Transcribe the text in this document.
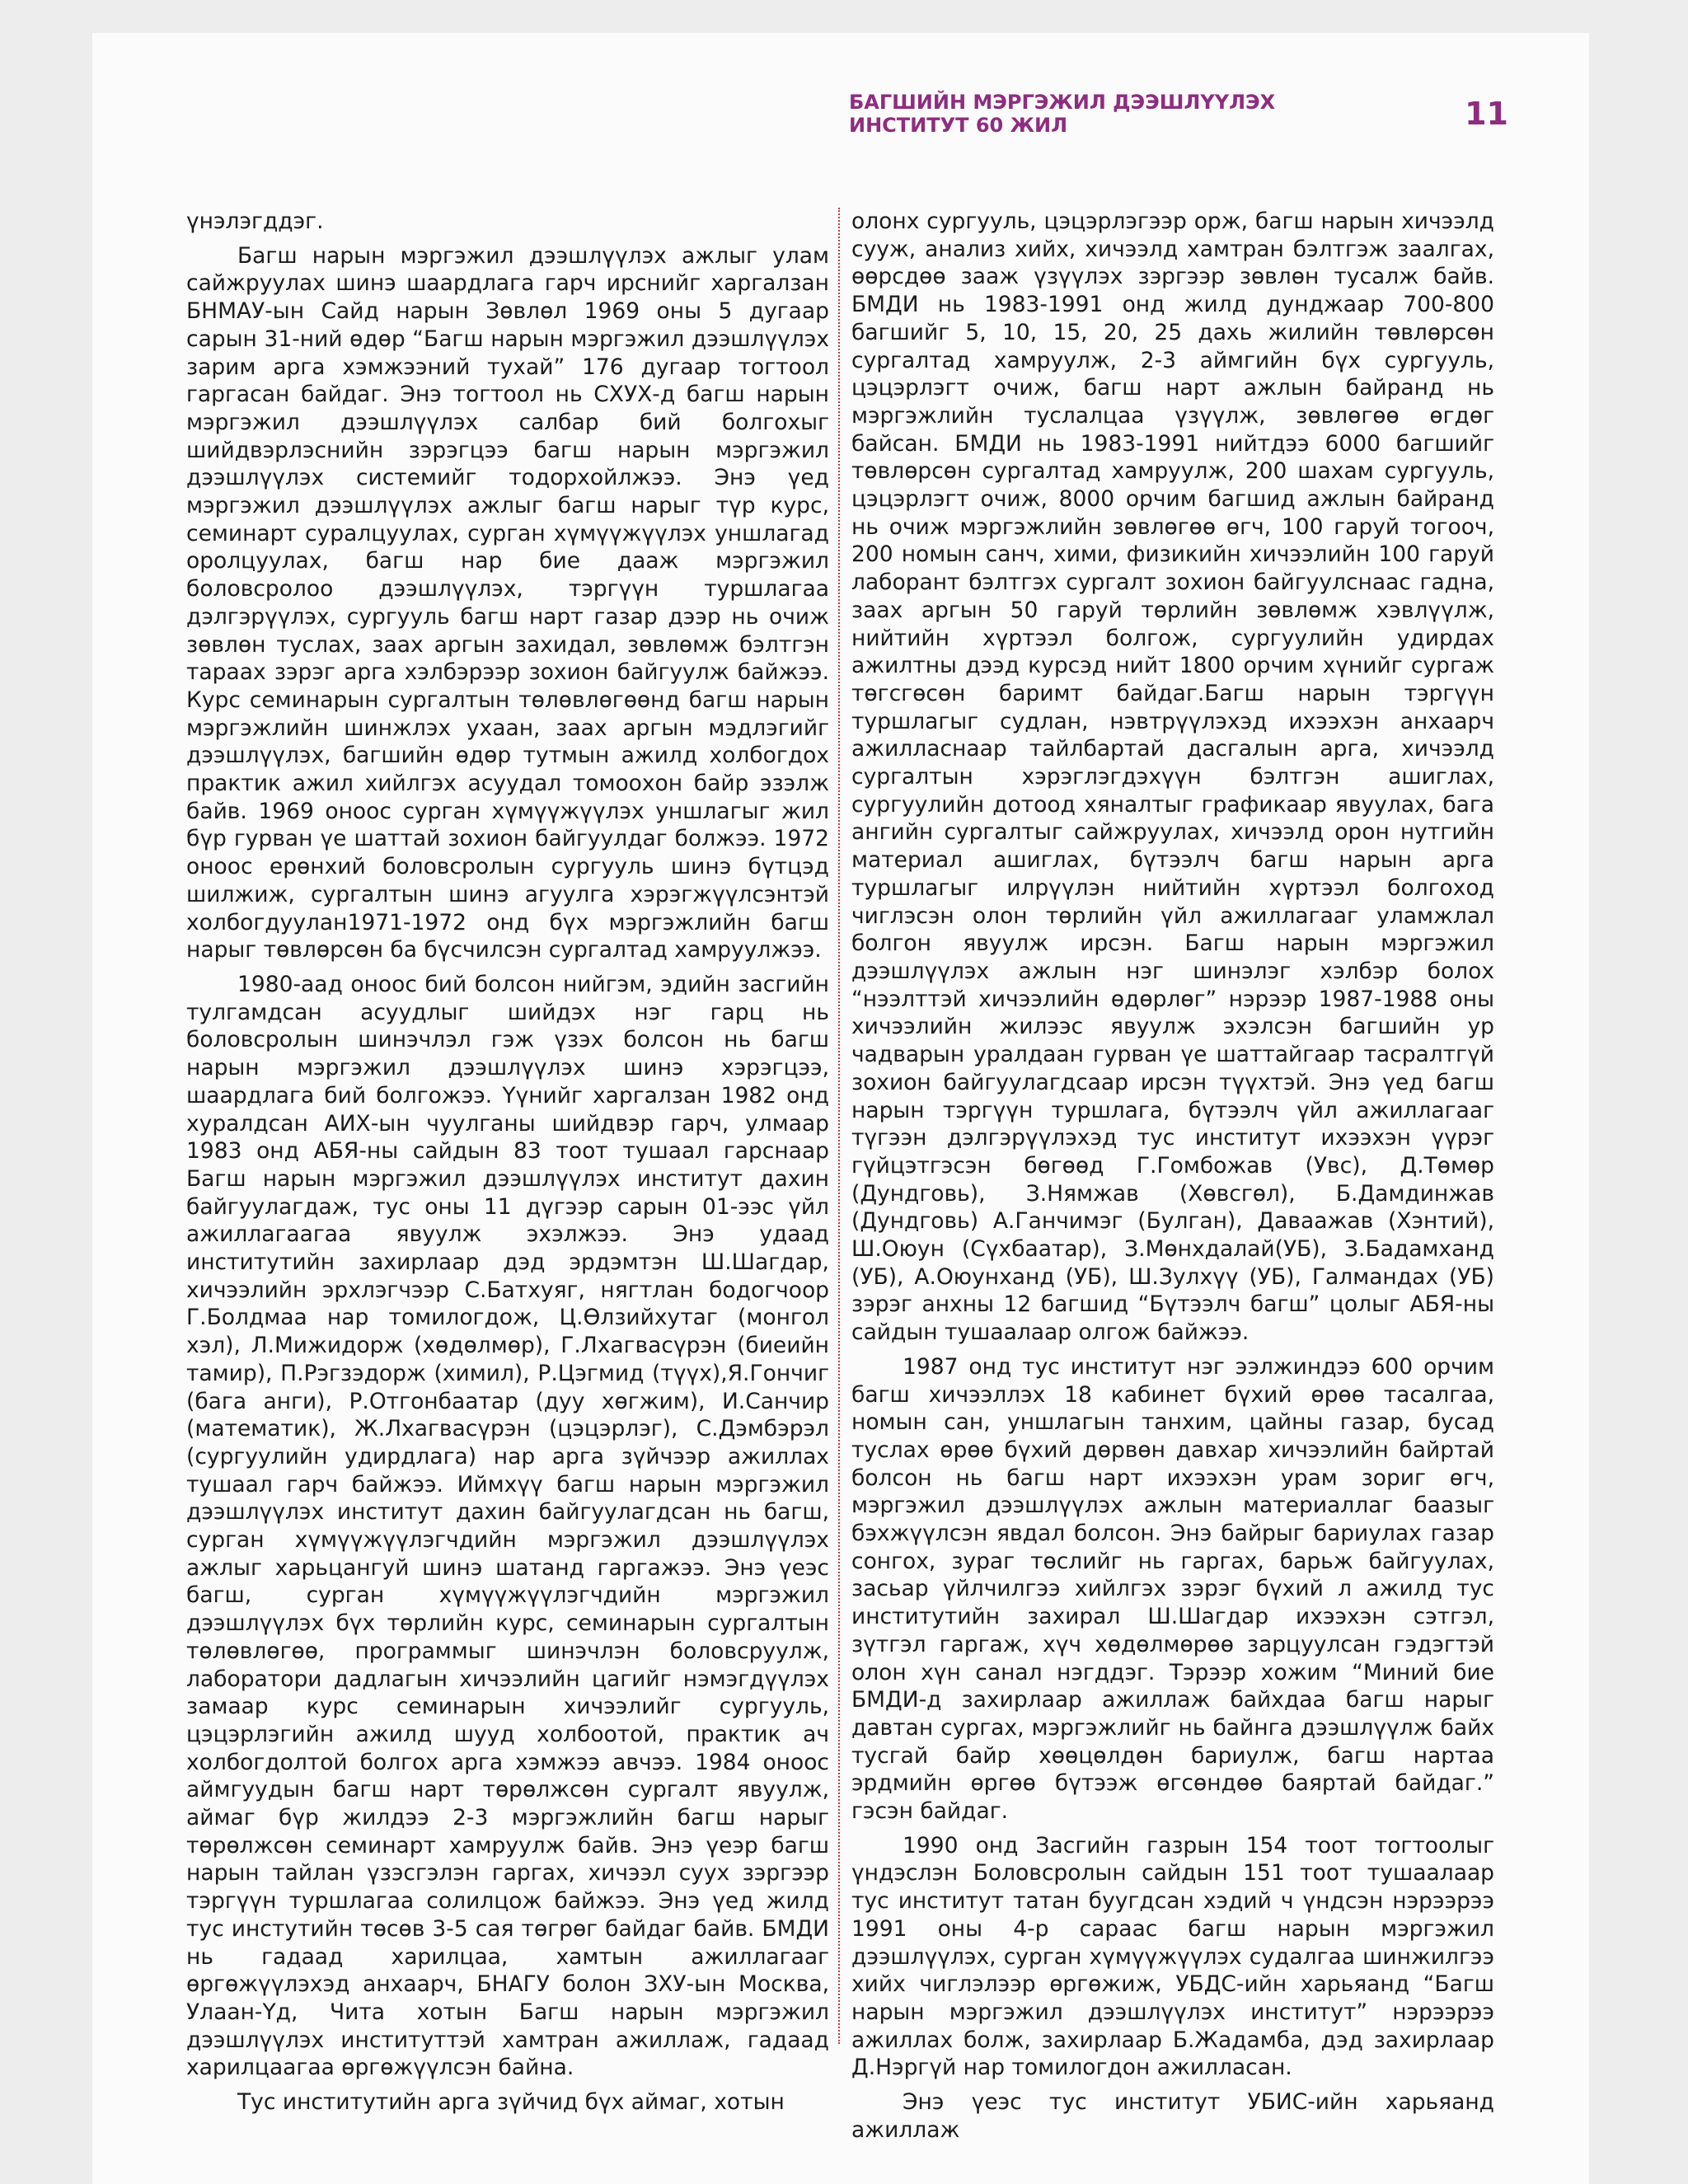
БАГШИЙН МЭРГЭЖИЛ ДЭЭШЛҮҮЛЭХ ИНСТИТУТ 60 ЖИЛ	11

үнэлэгддэг.

Багш нарын мэргэжил дээшлүүлэх ажлыг улам сайжруулах шинэ шаардлага гарч ирснийг харгалзан БНМАУ-ын Сайд нарын Зөвлөл 1969 оны 5 дугаар сарын 31-ний өдөр “Багш нарын мэргэжил дээшлүүлэх зарим арга хэмжээний тухай” 176 дугаар тогтоол гаргасан байдаг. Энэ тогтоол нь СХУХ-д багш нарын мэргэжил дээшлүүлэх салбар бий болгохыг шийдвэрлэснийн зэрэгцээ багш нарын мэргэжил дээшлүүлэх системийг тодорхойлжээ. Энэ үед мэргэжил дээшлүүлэх ажлыг багш нарыг түр курс, семинарт суралцуулах, сурган хүмүүжүүлэх уншлагад оролцуулах, багш нар бие дааж мэргэжил боловсролоо дээшлүүлэх, тэргүүн туршлагаа дэлгэрүүлэх, сургууль багш нарт газар дээр нь очиж зөвлөн туслах, заах аргын захидал, зөвлөмж бэлтгэн тараах зэрэг арга хэлбэрээр зохион байгуулж байжээ. Курс семинарын сургалтын төлөвлөгөөнд багш нарын мэргэжлийн шинжлэх ухаан, заах аргын мэдлэгийг дээшлүүлэх, багшийн өдөр тутмын ажилд холбогдох практик ажил хийлгэх асуудал томоохон байр эзэлж байв. 1969 оноос сурган хүмүүжүүлэх уншлагыг жил бүр гурван үе шаттай зохион байгуулдаг болжээ. 1972 оноос ерөнхий боловсролын сургууль шинэ бүтцэд шилжиж, сургалтын шинэ агуулга хэрэгжүүлсэнтэй холбогдуулан1971-1972 онд бүх мэргэжлийн багш нарыг төвлөрсөн ба бүсчилсэн сургалтад хамруулжээ.

1980-аад оноос бий болсон нийгэм, эдийн засгийн тулгамдсан асуудлыг шийдэх нэг гарц нь боловсролын шинэчлэл гэж үзэх болсон нь багш нарын мэргэжил дээшлүүлэх шинэ хэрэгцээ, шаардлага бий болгожээ. Үүнийг харгалзан 1982 онд хуралдсан АИХ-ын чуулганы шийдвэр гарч, улмаар 1983 онд АБЯ-ны сайдын 83 тоот тушаал гарснаар Багш нарын мэргэжил дээшлүүлэх институт дахин байгуулагдаж, тус оны 11 дүгээр сарын 01-ээс үйл ажиллагаагаа явуулж эхэлжээ. Энэ удаад институтийн захирлаар дэд эрдэмтэн Ш.Шагдар, хичээлийн эрхлэгчээр С.Батхуяг, нягтлан бодогчоор Г.Болдмаа нар томилогдож, Ц.Өлзийхутаг (монгол хэл), Л.Мижидорж (хөдөлмөр), Г.Лхагвасүрэн (биеийн тамир), П.Рэгзэдорж (химил), Р.Цэгмид (түүх),Я.Гончиг (бага анги), Р.Отгонбаатар (дуу хөгжим), И.Санчир (математик), Ж.Лхагвасүрэн (цэцэрлэг), С.Дэмбэрэл (сургуулийн удирдлага) нар арга зүйчээр ажиллах тушаал гарч байжээ. Иймхүү багш нарын мэргэжил дээшлүүлэх институт дахин байгуулагдсан нь багш, сурган хүмүүжүүлэгчдийн мэргэжил дээшлүүлэх ажлыг харьцангуй шинэ шатанд гаргажээ. Энэ үеэс багш, сурган хүмүүжүүлэгчдийн мэргэжил дээшлүүлэх бүх төрлийн курс, семинарын сургалтын төлөвлөгөө, программыг шинэчлэн боловсруулж, лаборатори дадлагын хичээлийн цагийг нэмэгдүүлэх замаар курс семинарын хичээлийг сургууль, цэцэрлэгийн ажилд шууд холбоотой, практик ач холбогдолтой болгох арга хэмжээ авчээ. 1984 оноос аймгуудын багш нарт төрөлжсөн сургалт явуулж, аймаг бүр жилдээ 2-3 мэргэжлийн багш нарыг төрөлжсөн семинарт хамруулж байв. Энэ үеэр багш нарын тайлан үзэсгэлэн гаргах, хичээл суух зэргээр тэргүүн туршлагаа солилцож байжээ. Энэ үед жилд тус инстутийн төсөв 3-5 сая төгрөг байдаг байв. БМДИ нь гадаад харилцаа, хамтын ажиллагааг өргөжүүлэхэд анхаарч, БНАГУ болон ЗХУ-ын Москва, Улаан-Үд, Чита хотын Багш нарын мэргэжил дээшлүүлэх институттэй хамтран ажиллаж, гадаад харилцаагаа өргөжүүлсэн байна.

Тус институтийн арга зүйчид бүх аймаг, хотын

олонх сургууль, цэцэрлэгээр орж, багш нарын хичээлд сууж, анализ хийх, хичээлд хамтран бэлтгэж заалгах, өөрсдөө зааж үзүүлэх зэргээр зөвлөн тусалж байв. БМДИ нь 1983-1991 онд жилд дунджаар 700-800 багшийг 5, 10, 15, 20, 25 дахь жилийн төвлөрсөн сургалтад хамруулж, 2-3 аймгийн бүх сургууль, цэцэрлэгт очиж, багш нарт ажлын байранд нь мэргэжлийн туслалцаа үзүүлж, зөвлөгөө өгдөг байсан. БМДИ нь 1983-1991 нийтдээ 6000 багшийг төвлөрсөн сургалтад хамруулж, 200 шахам сургууль, цэцэрлэгт очиж, 8000 орчим багшид ажлын байранд нь очиж мэргэжлийн зөвлөгөө өгч, 100 гаруй тогооч, 200 номын санч, хими, физикийн хичээлийн 100 гаруй лаборант бэлтгэх сургалт зохион байгуулснаас гадна, заах аргын 50 гаруй төрлийн зөвлөмж хэвлүүлж, нийтийн хүртээл болгож, сургуулийн удирдах ажилтны дээд курсэд нийт 1800 орчим хүнийг сургаж төгсгөсөн баримт байдаг.Багш нарын тэргүүн туршлагыг судлан, нэвтрүүлэхэд ихээхэн анхаарч ажилласнаар тайлбартай дасгалын арга, хичээлд сургалтын хэрэглэгдэхүүн бэлтгэн ашиглах, сургуулийн дотоод хяналтыг графикаар явуулах, бага ангийн сургалтыг сайжруулах, хичээлд орон нутгийн материал ашиглах, бүтээлч багш нарын арга туршлагыг илрүүлэн нийтийн хүртээл болгоход чиглэсэн олон төрлийн үйл ажиллагааг уламжлал болгон явуулж ирсэн. Багш нарын мэргэжил дээшлүүлэх ажлын нэг шинэлэг хэлбэр болох “нээлттэй хичээлийн өдөрлөг” нэрээр 1987-1988 оны хичээлийн жилээс явуулж эхэлсэн багшийн ур чадварын уралдаан гурван үе шаттайгаар тасралтгүй зохион байгуулагдсаар ирсэн түүхтэй. Энэ үед багш нарын тэргүүн туршлага, бүтээлч үйл ажиллагааг түгээн дэлгэрүүлэхэд тус институт ихээхэн үүрэг гүйцэтгэсэн бөгөөд Г.Гомбожав (Увс), Д.Төмөр (Дундговь), З.Нямжав (Хөвсгөл), Б.Дамдинжав (Дундговь) А.Ганчимэг (Булган), Даваажав (Хэнтий), Ш.Оюун (Сүхбаатар), З.Мөнхдалай(УБ), З.Бадамханд (УБ), А.Оюунханд (УБ), Ш.Зулхүү (УБ), Галмандах (УБ) зэрэг анхны 12 багшид “Бүтээлч багш” цолыг АБЯ-ны сайдын тушаалаар олгож байжээ.

1987 онд тус институт нэг ээлжиндээ 600 орчим багш хичээллэх 18 кабинет бүхий өрөө тасалгаа, номын сан, уншлагын танхим, цайны газар, бусад туслах өрөө бүхий дөрвөн давхар хичээлийн байртай болсон нь багш нарт ихээхэн урам зориг өгч, мэргэжил дээшлүүлэх ажлын материаллаг баазыг бэхжүүлсэн явдал болсон. Энэ байрыг бариулах газар сонгох, зураг төслийг нь гаргах, барьж байгуулах, засьар үйлчилгээ хийлгэх зэрэг бүхий л ажилд тус институтийн захирал Ш.Шагдар ихээхэн сэтгэл, зүтгэл гаргаж, хүч хөдөлмөрөө зарцуулсан гэдэгтэй олон хүн санал нэгддэг. Тэрээр хожим “Миний бие БМДИ-д захирлаар ажиллаж байхдаа багш нарыг давтан сургах, мэргэжлийг нь байнга дээшлүүлж байх тусгай байр хөөцөлдөн бариулж, багш нартаа эрдмийн өргөө бүтээж өгсөндөө баяртай байдаг.” гэсэн байдаг.

1990 онд Засгийн газрын 154 тоот тогтоолыг үндэслэн Боловсролын сайдын 151 тоот тушаалаар тус институт татан буугдсан хэдий ч үндсэн нэрээрээ 1991 оны 4-р сараас багш нарын мэргэжил дээшлүүлэх, сурган хүмүүжүүлэх судалгаа шинжилгээ хийх чиглэлээр өргөжиж, УБДС-ийн харьяанд “Багш нарын мэргэжил дээшлүүлэх институт” нэрээрээ ажиллах болж, захирлаар Б.Жадамба, дэд захирлаар Д.Нэргүй нар томилогдон ажилласан.

Энэ үеэс тус институт УБИС-ийн харьяанд ажиллаж
